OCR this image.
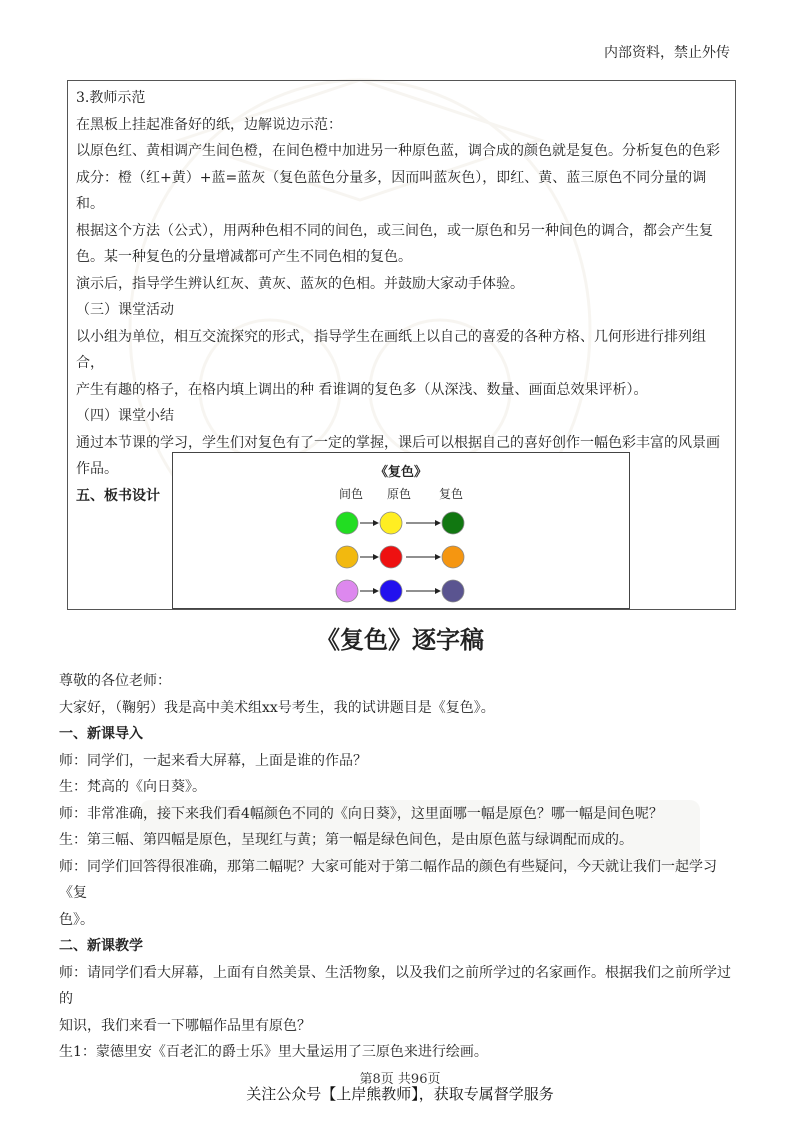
内部资料，禁止外传

3.教师示范

在黑板上挂起准备好的纸，边解说边示范：

以原色红、黄相调产生间色橙，在间色橙中加进另一种原色蓝，调合成的颜色就是复色。分析复色的色彩

成分：橙（红+黄）+蓝=蓝灰（复色蓝色分量多，因而叫蓝灰色），即红、黄、蓝三原色不同分量的调和。

根据这个方法（公式），用两种色相不同的间色，或三间色，或一原色和另一种间色的调合，都会产生复

色。某一种复色的分量增减都可产生不同色相的复色。

演示后，指导学生辨认红灰、黄灰、蓝灰的色相。并鼓励大家动手体验。

（三）课堂活动

以小组为单位，相互交流探究的形式，指导学生在画纸上以自己的喜爱的各种方格、几何形进行排列组合，

产生有趣的格子，在格内填上调出的种 看谁调的复色多（从深浅、数量、画面总效果评析）。

（四）课堂小结

通过本节课的学习，学生们对复色有了一定的掌握，课后可以根据自己的喜好创作一幅色彩丰富的风景画

作品。

五、板书设计

《复色》
间色 原色 复色
《复色》逐字稿

尊敬的各位老师：

大家好，（鞠躬）我是高中美术组xx号考生，我的试讲题目是《复色》。

一、新课导入

师：同学们，一起来看大屏幕，上面是谁的作品？

生：梵高的《向日葵》。

师：非常准确，接下来我们看4幅颜色不同的《向日葵》，这里面哪一幅是原色？哪一幅是间色呢？

生：第三幅、第四幅是原色，呈现红与黄；第一幅是绿色间色，是由原色蓝与绿调配而成的。

师：同学们回答得很准确，那第二幅呢？大家可能对于第二幅作品的颜色有些疑问，今天就让我们一起学习《复

色》。

二、新课教学

师：请同学们看大屏幕，上面有自然美景、生活物象，以及我们之前所学过的名家画作。根据我们之前所学过的

知识，我们来看一下哪幅作品里有原色？

生1：蒙德里安《百老汇的爵士乐》里大量运用了三原色来进行绘画。

第8页 共96页
关注公众号【上岸熊教师】，获取专属督学服务
